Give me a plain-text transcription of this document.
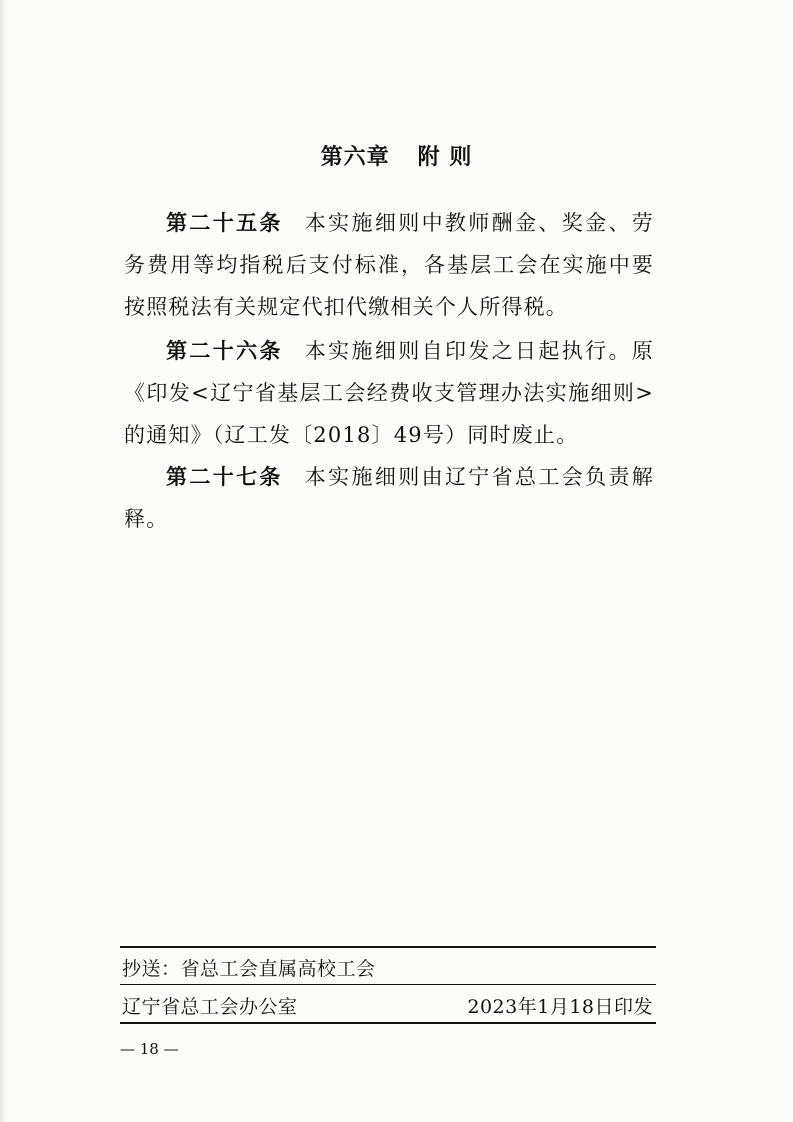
第六章 附 则
第二十五条 本实施细则中教师酬金、奖金、劳务费用等均指税后支付标准，各基层工会在实施中要按照税法有关规定代扣代缴相关个人所得税。
第二十六条 本实施细则自印发之日起执行。原《印发<辽宁省基层工会经费收支管理办法实施细则>的通知》（辽工发〔2018〕49号）同时废止。
第二十七条 本实施细则由辽宁省总工会负责解释。
抄送：省总工会直属高校工会
辽宁省总工会办公室	2023年1月18日印发
— 18 —
